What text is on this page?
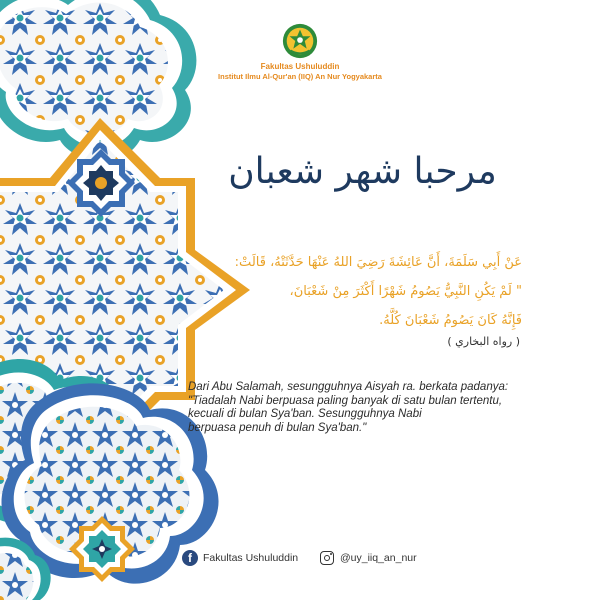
Fakultas Ushuluddin
Institut Ilmu Al-Qur'an (IIQ) An Nur Yogyakarta
مرحبا شهر شعبان
عَنْ أَبِي سَلَمَةَ، أَنَّ عَائِشَةَ رَضِيَ اللهُ عَنْهَا حَدَّثَتْهُ، قَالَتْ:
" لَمْ يَكُنِ النَّبِيُّ يَصُومُ شَهْرًا أَكْثَرَ مِنْ شَعْبَانَ،
فَإِنَّهُ كَانَ يَصُومُ شَعْبَانَ كُلَّهُ.
( رواه البخاري )
Dari Abu Salamah, sesungguhnya Aisyah ra. berkata padanya:
"Tiadalah Nabi berpuasa paling banyak di satu bulan tertentu,
kecuali di bulan Sya'ban. Sesungguhnya Nabi
berpuasa penuh di bulan Sya'ban."
f	Fakultas Ushuluddin	@uy_iiq_an_nur
